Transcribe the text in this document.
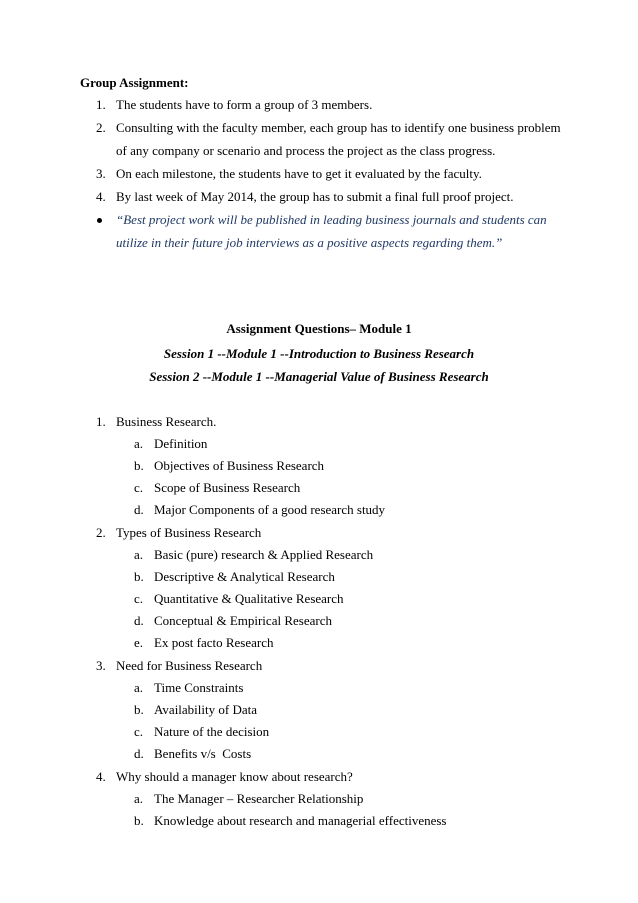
Group Assignment:
1. The students have to form a group of 3 members.
2. Consulting with the faculty member, each group has to identify one business problem
of any company or scenario and process the project as the class progress.
3. On each milestone, the students have to get it evaluated by the faculty.
4. By last week of May 2014, the group has to submit a final full proof project.
“Best project work will be published in leading business journals and students can
utilize in their future job interviews as a positive aspects regarding them.”
Assignment Questions– Module 1
Session 1 --Module 1 --Introduction to Business Research
Session 2 --Module 1 --Managerial Value of Business Research
1. Business Research.
a. Definition
b. Objectives of Business Research
c. Scope of Business Research
d. Major Components of a good research study
2. Types of Business Research
a. Basic (pure) research & Applied Research
b. Descriptive & Analytical Research
c. Quantitative & Qualitative Research
d. Conceptual & Empirical Research
e. Ex post facto Research
3. Need for Business Research
a. Time Constraints
b. Availability of Data
c. Nature of the decision
d. Benefits v/s  Costs
4. Why should a manager know about research?
a. The Manager – Researcher Relationship
b. Knowledge about research and managerial effectiveness
